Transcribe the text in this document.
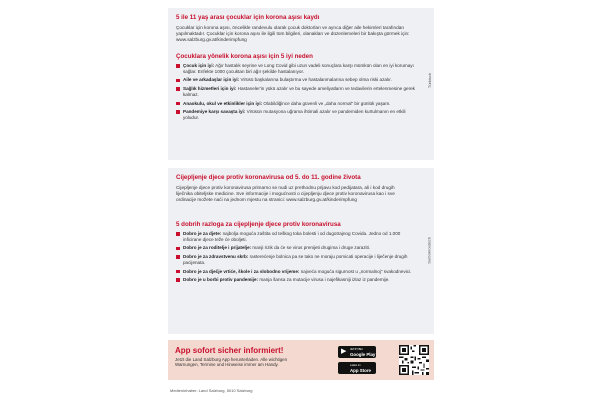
5 ile 11 yaş arası çocuklar için korona aşısı kaydı

Çocuklar için korona aşısı, öncelikle randevulu olarak çocuk doktorları ve ayrıca diğer aile hekimleri tarafından yapılmaktadır. Çocuklar için korona aşısı ile ilgili tüm bilgileri, olanakları ve düzenlemeleri bir bakışta görmek için: www.salzburg.gv.at/kinderimpfung

Çocuklara yönelik korona aşısı için 5 iyi neden
Çocuk için iyi: Ağır hastalık seyrine ve Long Covid gibi uzun vadeli sonuçlara karşı mümkün olan en iyi korumayı sağlar. Enfekte 1000 çocuktan biri ağır şekilde hastalanıyor.
Aile ve arkadaşlar için iyi: Virüsü başkalarına bulaştırma ve hastalanmalarına sebep olma riski azalır.
Sağlık hizmetleri için iyi: Hastaneler'in yükü azalır ve bu sayede ameliyatların ve tedavilerin ertelenmesine gerek kalmaz.
Anaokulu, okul ve etkinlikler için iyi: Olabildiğince daha güvenli ve „daha normal" bir günlük yaşam.
Pandemiye karşı savaşta iyi: Virüsün mutasyona uğrama ihtimali azalır ve pandemiden kurtulmanın en etkili yoludur.
Türkisch
Cijepljenje djece protiv koronavirusa od 5. do 11. godine života

Cijepljenje djece protiv koronavirusa primarno se nudi uz prethodnu prijavu kod pedijatara, ali i kod drugih liječnika obiteljske medicine. Sve informacije i mogućnosti o cijepljenju djece protiv koronavirusa kao i sve ordinacije možete naći na jednom mjestu na stranici: www.salzburg.gv.at/kinderimpfung

5 dobrih razloga za cijepljenje djece protiv koronavirusa
Dobro je za djete: najbolja moguća zaštita od teškog toka bolesti i od dugotrajnog Covida. Jedno od 1.000 inficirane djece teže će oboljeti.
Dobro je za roditelje i prijatelje: manji rizik da će se virus prenijeti drugima i druge zaraziti.
Dobro je za zdravstvenu skrb: rasterećenje bolnica pa se tako ne moraju pomicati operacije i liječenje drugih pacijenata.
Dobro je za dječje vrtiće, škole i za slobodno vrijeme: najveća moguća sigurnost u „normalnoj" svakodnevici.
Dobro je u borbi protiv pandemije: manja šansa za mutacije virusa i najefikasniji izlaz iz pandemije.
Serbokroatisch
App sofort sicher informiert!

Jetzt die Land Salzburg App herunterladen. Alle wichtigen Warnungen, Termine und Hinweise immer am Handy.

▶ JETZT BEI
Google Play
Laden im
App Store
Medieninhaber: Land Salzburg, 5010 Salzburg
